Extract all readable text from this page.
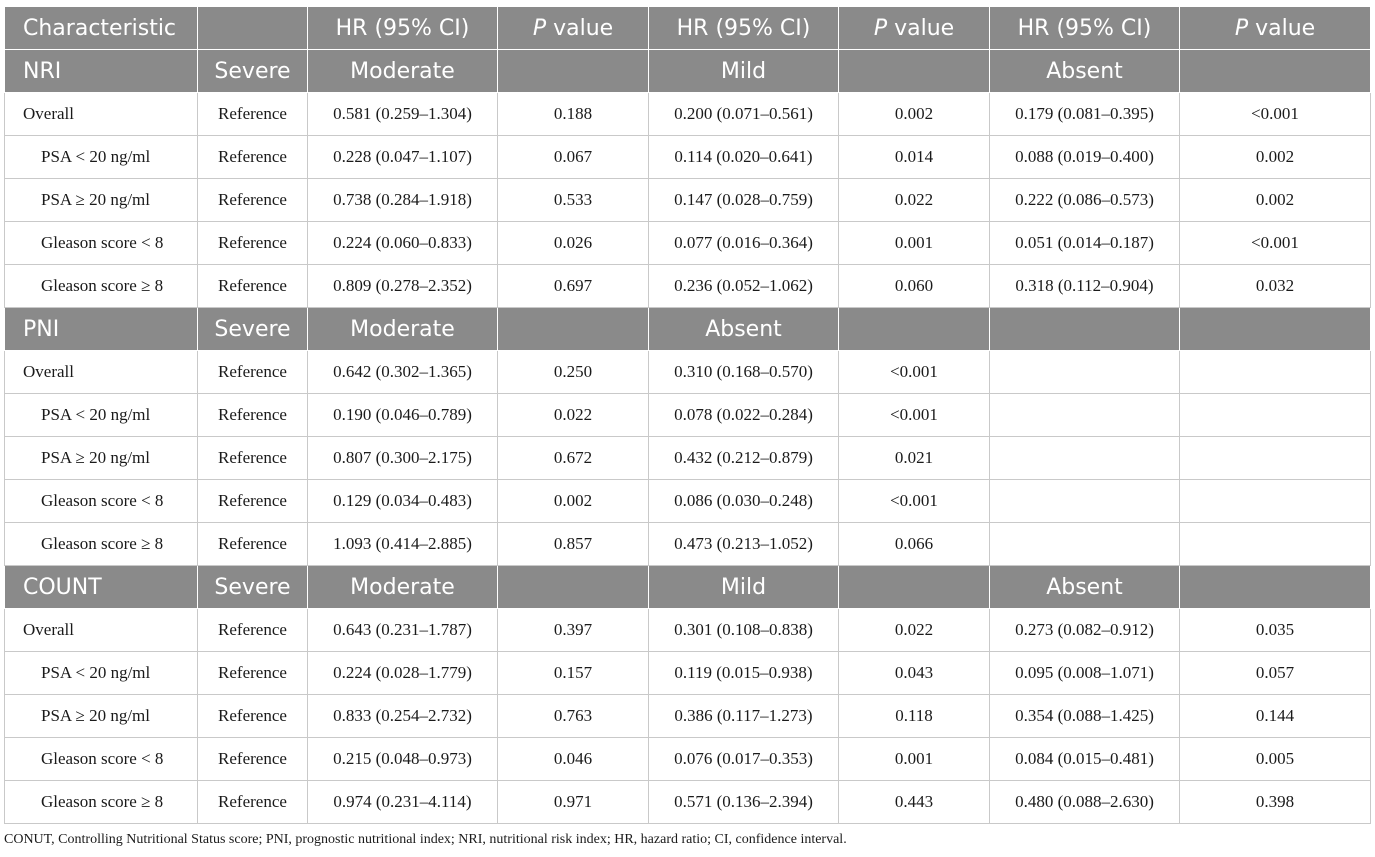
Characteristic		HR (95% CI)	P value	HR (95% CI)	P value	HR (95% CI)	P value
NRI	Severe	Moderate		Mild		Absent	
Overall	Reference	0.581 (0.259–1.304)	0.188	0.200 (0.071–0.561)	0.002	0.179 (0.081–0.395)	<0.001
PSA < 20 ng/ml	Reference	0.228 (0.047–1.107)	0.067	0.114 (0.020–0.641)	0.014	0.088 (0.019–0.400)	0.002
PSA ≥ 20 ng/ml	Reference	0.738 (0.284–1.918)	0.533	0.147 (0.028–0.759)	0.022	0.222 (0.086–0.573)	0.002
Gleason score < 8	Reference	0.224 (0.060–0.833)	0.026	0.077 (0.016–0.364)	0.001	0.051 (0.014–0.187)	<0.001
Gleason score ≥ 8	Reference	0.809 (0.278–2.352)	0.697	0.236 (0.052–1.062)	0.060	0.318 (0.112–0.904)	0.032
PNI	Severe	Moderate		Absent			
Overall	Reference	0.642 (0.302–1.365)	0.250	0.310 (0.168–0.570)	<0.001		
PSA < 20 ng/ml	Reference	0.190 (0.046–0.789)	0.022	0.078 (0.022–0.284)	<0.001		
PSA ≥ 20 ng/ml	Reference	0.807 (0.300–2.175)	0.672	0.432 (0.212–0.879)	0.021		
Gleason score < 8	Reference	0.129 (0.034–0.483)	0.002	0.086 (0.030–0.248)	<0.001		
Gleason score ≥ 8	Reference	1.093 (0.414–2.885)	0.857	0.473 (0.213–1.052)	0.066		
COUNT	Severe	Moderate		Mild		Absent	
Overall	Reference	0.643 (0.231–1.787)	0.397	0.301 (0.108–0.838)	0.022	0.273 (0.082–0.912)	0.035
PSA < 20 ng/ml	Reference	0.224 (0.028–1.779)	0.157	0.119 (0.015–0.938)	0.043	0.095 (0.008–1.071)	0.057
PSA ≥ 20 ng/ml	Reference	0.833 (0.254–2.732)	0.763	0.386 (0.117–1.273)	0.118	0.354 (0.088–1.425)	0.144
Gleason score < 8	Reference	0.215 (0.048–0.973)	0.046	0.076 (0.017–0.353)	0.001	0.084 (0.015–0.481)	0.005
Gleason score ≥ 8	Reference	0.974 (0.231–4.114)	0.971	0.571 (0.136–2.394)	0.443	0.480 (0.088–2.630)	0.398
CONUT, Controlling Nutritional Status score; PNI, prognostic nutritional index; NRI, nutritional risk index; HR, hazard ratio; CI, confidence interval.
